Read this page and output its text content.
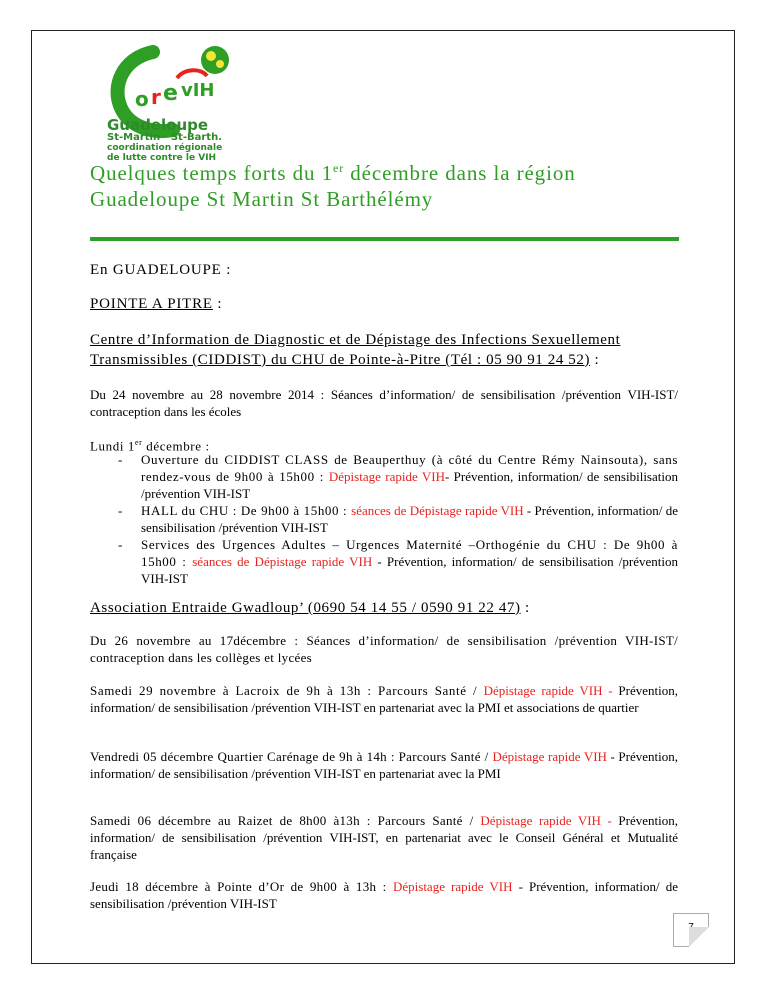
o r e vIH
Guadeloupe
St-Martin · St-Barth.
coordination régionale
de lutte contre le VIH
Quelques temps forts du 1er décembre dans la région
Guadeloupe St Martin St Barthélémy
En GUADELOUPE :
POINTE A PITRE :
Centre d’Information de Diagnostic et de Dépistage des Infections Sexuellement
Transmissibles (CIDDIST) du CHU de Pointe-à-Pitre (Tél : 05 90 91 24 52) :
Du 24 novembre au 28 novembre 2014 : Séances d’information/ de sensibilisation /prévention VIH-IST/ contraception dans les écoles
Lundi 1er décembre :
- Ouverture du CIDDIST CLASS de Beauperthuy (à côté du Centre Rémy Nainsouta), sans rendez-vous de 9h00 à 15h00 : Dépistage rapide VIH- Prévention, information/ de sensibilisation /prévention VIH-IST
- HALL du CHU : De 9h00 à 15h00 : séances de Dépistage rapide VIH - Prévention, information/ de sensibilisation /prévention VIH-IST
- Services des Urgences Adultes – Urgences Maternité –Orthogénie du CHU : De 9h00 à 15h00 : séances de Dépistage rapide VIH - Prévention, information/ de sensibilisation /prévention VIH-IST
Association Entraide Gwadloup’ (0690 54 14 55 / 0590 91 22 47) :
Du 26 novembre au 17décembre : Séances d’information/ de sensibilisation /prévention VIH-IST/ contraception dans les collèges et lycées
Samedi 29 novembre à Lacroix de 9h à 13h : Parcours Santé / Dépistage rapide VIH - Prévention, information/ de sensibilisation /prévention VIH-IST en partenariat avec la PMI et associations de quartier
Vendredi 05 décembre Quartier Carénage de 9h à 14h : Parcours Santé / Dépistage rapide VIH - Prévention, information/ de sensibilisation /prévention VIH-IST en partenariat avec la PMI
Samedi 06 décembre au Raizet de 8h00 à13h : Parcours Santé / Dépistage rapide VIH - Prévention, information/ de sensibilisation /prévention VIH-IST, en partenariat avec le Conseil Général et Mutualité française
Jeudi 18 décembre à Pointe d’Or de 9h00 à 13h : Dépistage rapide VIH - Prévention, information/ de sensibilisation /prévention VIH-IST
7
